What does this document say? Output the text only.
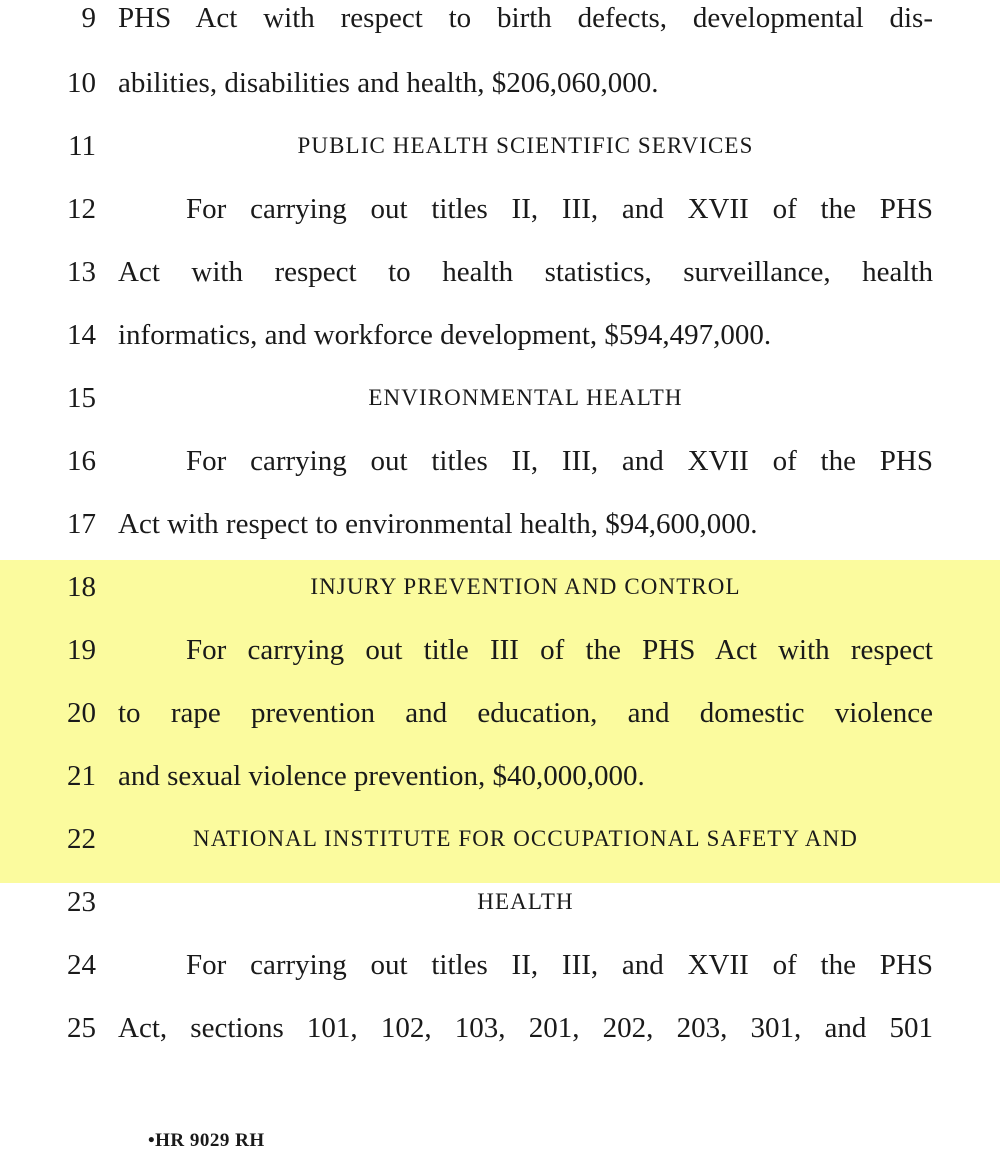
9 PHS Act with respect to birth defects, developmental dis-
10 abilities, disabilities and health, $206,060,000.
11	PUBLIC HEALTH SCIENTIFIC SERVICES
12	For carrying out titles II, III, and XVII of the PHS
13 Act with respect to health statistics, surveillance, health
14 informatics, and workforce development, $594,497,000.
15	ENVIRONMENTAL HEALTH
16	For carrying out titles II, III, and XVII of the PHS
17 Act with respect to environmental health, $94,600,000.
18	INJURY PREVENTION AND CONTROL
19	For carrying out title III of the PHS Act with respect
20 to rape prevention and education, and domestic violence
21 and sexual violence prevention, $40,000,000.
22	NATIONAL INSTITUTE FOR OCCUPATIONAL SAFETY AND
23	HEALTH
24	For carrying out titles II, III, and XVII of the PHS
25 Act, sections 101, 102, 103, 201, 202, 203, 301, and 501
•HR 9029 RH
